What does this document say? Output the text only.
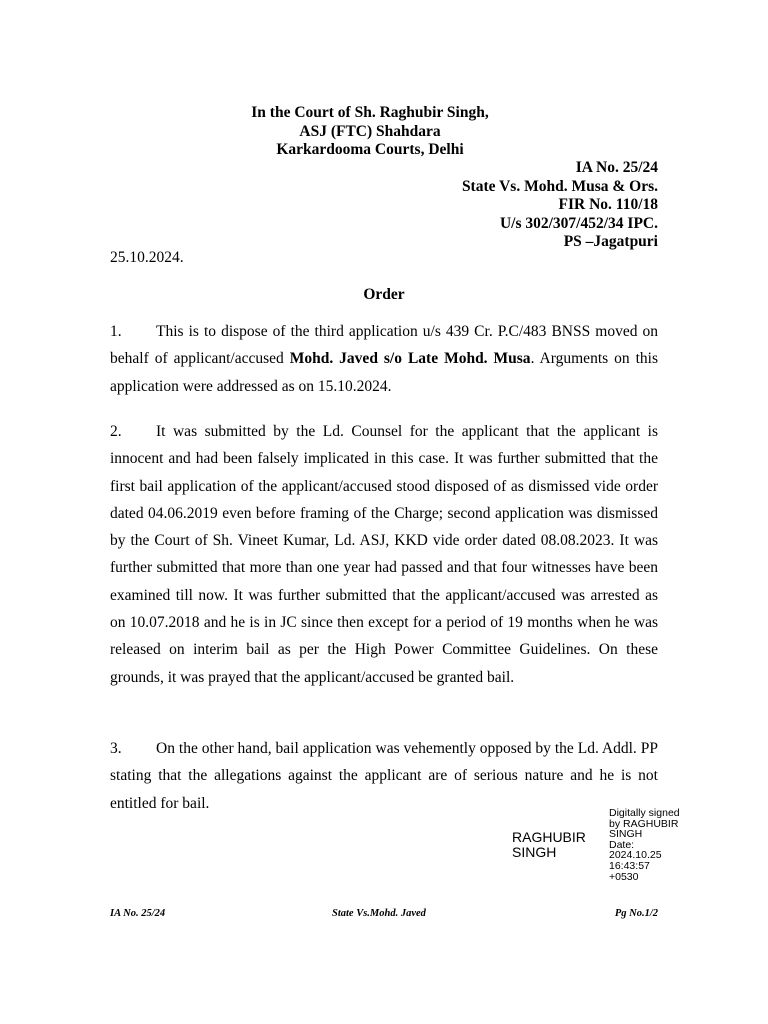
In the Court of Sh. Raghubir Singh,
ASJ (FTC) Shahdara
Karkardooma Courts, Delhi
IA No. 25/24
State Vs. Mohd. Musa & Ors.
FIR No. 110/18
U/s 302/307/452/34 IPC.
PS –Jagatpuri
25.10.2024.
Order
1. This is to dispose of the third application u/s 439 Cr. P.C/483 BNSS moved on behalf of applicant/accused Mohd. Javed s/o Late Mohd. Musa. Arguments on this application were addressed as on 15.10.2024.
2. It was submitted by the Ld. Counsel for the applicant that the applicant is innocent and had been falsely implicated in this case. It was further submitted that the first bail application of the applicant/accused stood disposed of as dismissed vide order dated 04.06.2019 even before framing of the Charge; second application was dismissed by the Court of Sh. Vineet Kumar, Ld. ASJ, KKD vide order dated 08.08.2023. It was further submitted that more than one year had passed and that four witnesses have been examined till now. It was further submitted that the applicant/accused was arrested as on 10.07.2018 and he is in JC since then except for a period of 19 months when he was released on interim bail as per the High Power Committee Guidelines. On these grounds, it was prayed that the applicant/accused be granted bail.
3. On the other hand, bail application was vehemently opposed by the Ld. Addl. PP stating that the allegations against the applicant are of serious nature and he is not entitled for bail.
RAGHUBIR
SINGH
Digitally signed
by RAGHUBIR
SINGH
Date:
2024.10.25
16:43:57
+0530
IA No. 25/24	State Vs.Mohd. Javed	Pg No.1/2
